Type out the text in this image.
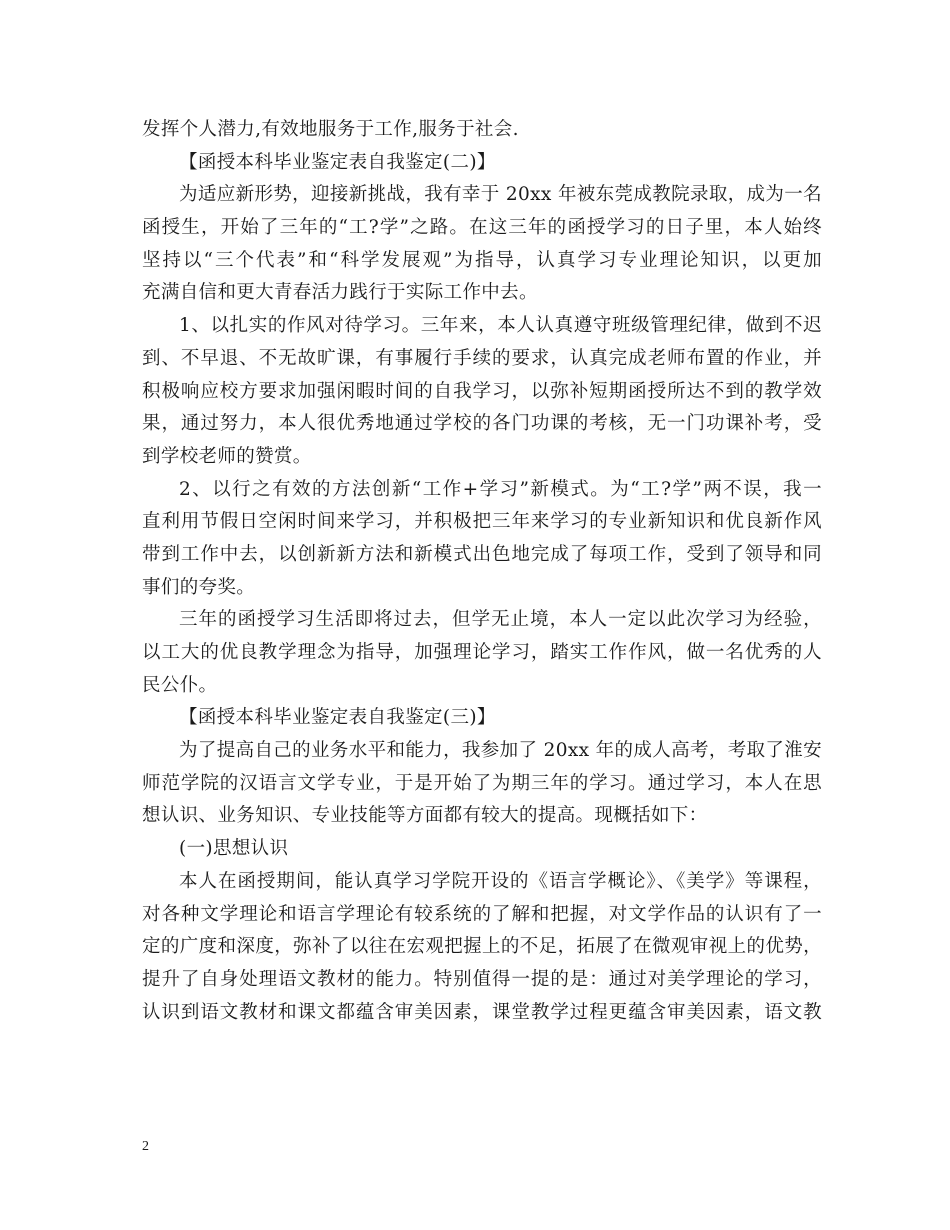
发挥个人潜力,有效地服务于工作,服务于社会.
【函授本科毕业鉴定表自我鉴定(二)】
为适应新形势，迎接新挑战，我有幸于 20xx 年被东莞成教院录取，成为一名
函授生，开始了三年的“工?学”之路。在这三年的函授学习的日子里，本人始终
坚持以“三个代表”和“科学发展观”为指导，认真学习专业理论知识，以更加
充满自信和更大青春活力践行于实际工作中去。
1、以扎实的作风对待学习。三年来，本人认真遵守班级管理纪律，做到不迟
到、不早退、不无故旷课，有事履行手续的要求，认真完成老师布置的作业，并
积极响应校方要求加强闲暇时间的自我学习，以弥补短期函授所达不到的教学效
果，通过努力，本人很优秀地通过学校的各门功课的考核，无一门功课补考，受
到学校老师的赞赏。
2、以行之有效的方法创新“工作+学习”新模式。为“工?学”两不误，我一
直利用节假日空闲时间来学习，并积极把三年来学习的专业新知识和优良新作风
带到工作中去，以创新新方法和新模式出色地完成了每项工作，受到了领导和同
事们的夸奖。
三年的函授学习生活即将过去，但学无止境，本人一定以此次学习为经验，
以工大的优良教学理念为指导，加强理论学习，踏实工作作风，做一名优秀的人
民公仆。
【函授本科毕业鉴定表自我鉴定(三)】
为了提高自己的业务水平和能力，我参加了 20xx 年的成人高考，考取了淮安
师范学院的汉语言文学专业，于是开始了为期三年的学习。通过学习，本人在思
想认识、业务知识、专业技能等方面都有较大的提高。现概括如下：
(一)思想认识
本人在函授期间，能认真学习学院开设的《语言学概论》、《美学》等课程，
对各种文学理论和语言学理论有较系统的了解和把握，对文学作品的认识有了一
定的广度和深度，弥补了以往在宏观把握上的不足，拓展了在微观审视上的优势，
提升了自身处理语文教材的能力。特别值得一提的是：通过对美学理论的学习，
认识到语文教材和课文都蕴含审美因素，课堂教学过程更蕴含审美因素，语文教
2
